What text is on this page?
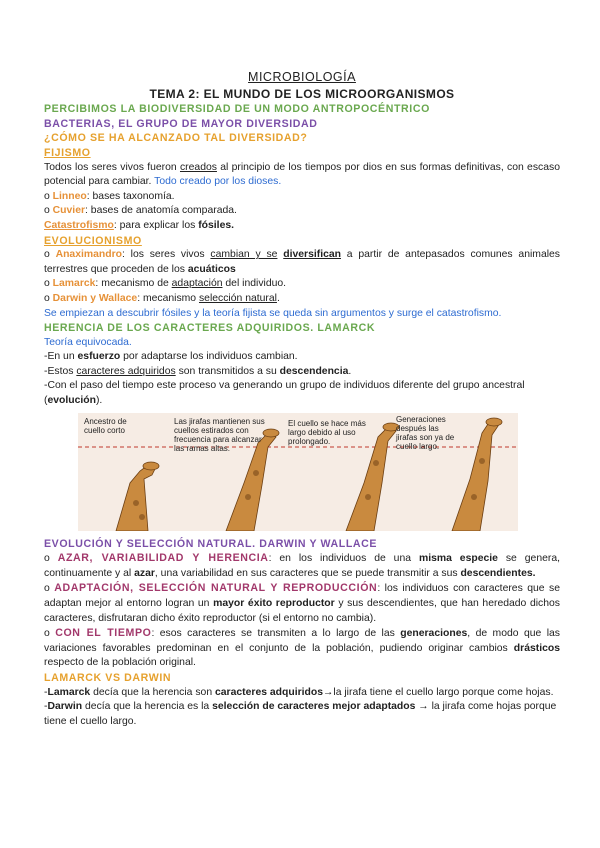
MICROBIOLOGÍA
TEMA 2: EL MUNDO DE LOS MICROORGANISMOS
PERCIBIMOS LA BIODIVERSIDAD DE UN MODO ANTROPOCÉNTRICO
BACTERIAS, EL GRUPO DE MAYOR DIVERSIDAD
¿CÓMO SE HA ALCANZADO TAL DIVERSIDAD?
FIJISMO

Todos los seres vivos fueron creados al principio de los tiempos por dios en sus formas definitivas, con escaso potencial para cambiar. Todo creado por los dioses.

o Linneo: bases taxonomía.

o Cuvier: bases de anatomía comparada.

Catastrofismo: para explicar los fósiles.

EVOLUCIONISMO

o Anaximandro: los seres vivos cambian y se diversifican a partir de antepasados comunes animales terrestres que proceden de los acuáticos

o Lamarck: mecanismo de adaptación del individuo.

o Darwin y Wallace: mecanismo selección natural.

Se empiezan a descubrir fósiles y la teoría fijista se queda sin argumentos y surge el catastrofismo.

HERENCIA DE LOS CARACTERES ADQUIRIDOS. LAMARCK

Teoría equivocada.

-En un esfuerzo por adaptarse los individuos cambian.

-Estos caracteres adquiridos son transmitidos a su descendencia.

-Con el paso del tiempo este proceso va generando un grupo de individuos diferente del grupo ancestral (evolución).

Ancestro de cuello corto
Las jirafas mantienen sus cuellos estirados con frecuencia para alcanzar las ramas altas.
El cuello se hace más largo debido al uso prolongado.
Generaciones después las jirafas son ya de cuello largo.
EVOLUCIÓN Y SELECCIÓN NATURAL. DARWIN Y WALLACE

o AZAR, VARIABILIDAD Y HERENCIA: en los individuos de una misma especie se genera, continuamente y al azar, una variabilidad en sus caracteres que se puede transmitir a sus descendientes.

o ADAPTACIÓN, SELECCIÓN NATURAL Y REPRODUCCIÓN: los individuos con caracteres que se adaptan mejor al entorno logran un mayor éxito reproductor y sus descendientes, que han heredado dichos caracteres, disfrutaran dicho éxito reproductor (si el entorno no cambia).

o CON EL TIEMPO: esos caracteres se transmiten a lo largo de las generaciones, de modo que las variaciones favorables predominan en el conjunto de la población, pudiendo originar cambios drásticos respecto de la población original.

LAMARCK VS DARWIN

-Lamarck decía que la herencia son caracteres adquiridos→la jirafa tiene el cuello largo porque come hojas.

-Darwin decía que la herencia es la selección de caracteres mejor adaptados → la jirafa come hojas porque tiene el cuello largo.
